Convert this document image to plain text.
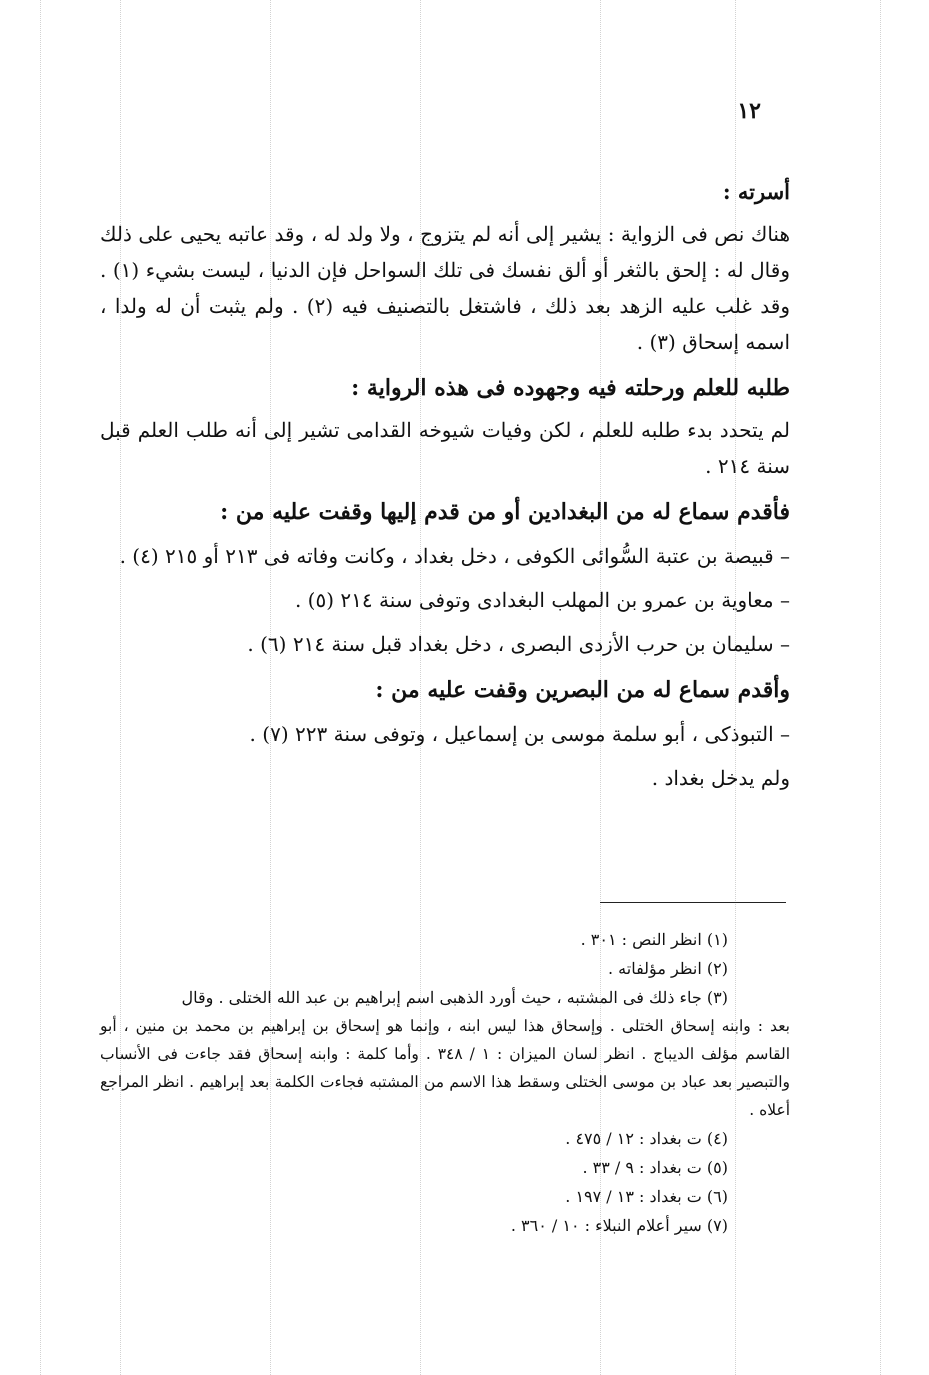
١٢
أسرته :

هناك نص فى الزواية : يشير إلى أنه لم يتزوج ، ولا ولد له ، وقد عاتبه يحيى على ذلك وقال له : إلحق بالثغر أو ألق نفسك فى تلك السواحل فإن الدنيا ، ليست بشيء (١) . وقد غلب عليه الزهد بعد ذلك ، فاشتغل بالتصنيف فيه (٢) . ولم يثبت أن له ولدا ، اسمه إسحاق (٣) .

طلبه للعلم ورحلته فيه وجهوده فى هذه الرواية :

لم يتحدد بدء طلبه للعلم ، لكن وفيات شيوخه القدامى تشير إلى أنه طلب العلم قبل سنة ٢١٤ .

فأقدم سماع له من البغدادين أو من قدم إليها وقفت عليه من :

– قبيصة بن عتبة السُّوائى الكوفى ، دخل بغداد ، وكانت وفاته فى ٢١٣ أو ٢١٥ (٤) .

– معاوية بن عمرو بن المهلب البغدادى وتوفى سنة ٢١٤ (٥) .

– سليمان بن حرب الأزدى البصرى ، دخل بغداد قبل سنة ٢١٤ (٦) .

وأقدم سماع له من البصرين وقفت عليه من :

– التبوذكى ، أبو سلمة موسى بن إسماعيل ، وتوفى سنة ٢٢٣ (٧) .

ولم يدخل بغداد .

(١) انظر النص : ٣٠١ .

(٢) انظر مؤلفاته .

(٣) جاء ذلك فى المشتبه ، حيث أورد الذهبى اسم إبراهيم بن عبد الله الختلى . وقال

بعد : وابنه إسحاق الختلى . وإسحاق هذا ليس ابنه ، وإنما هو إسحاق بن إبراهيم بن محمد بن منين ، أبو القاسم مؤلف الديباج . انظر لسان الميزان : ١ / ٣٤٨ . وأما كلمة : وابنه إسحاق فقد جاءت فى الأنساب والتبصير بعد عباد بن موسى الختلى وسقط هذا الاسم من المشتبه فجاءت الكلمة بعد إبراهيم . انظر المراجع أعلاه .

(٤) ت بغداد : ١٢ / ٤٧٥ .

(٥) ت بغداد : ٩ / ٣٣ .

(٦) ت بغداد : ١٣ / ١٩٧ .

(٧) سير أعلام النبلاء : ١٠ / ٣٦٠ .
